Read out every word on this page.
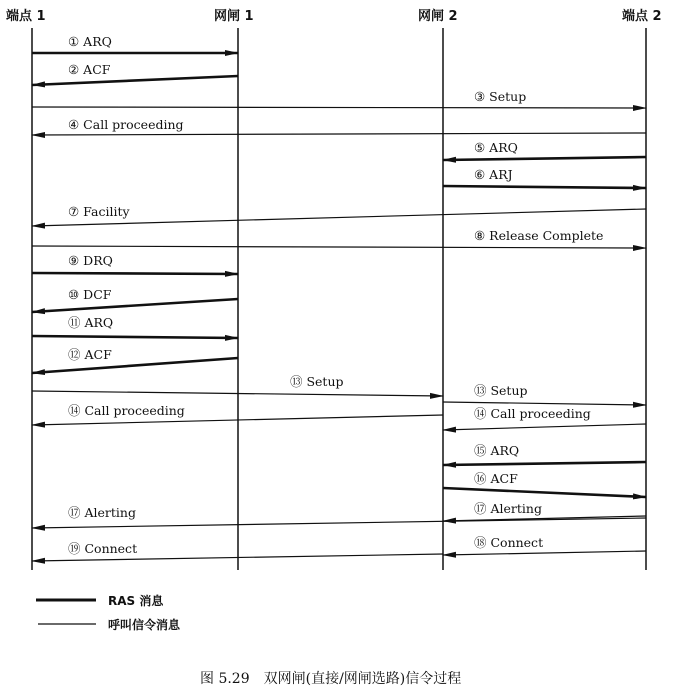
端点 1	网闸 1	网闸 2	端点 2
① ARQ
② ACF
③ Setup
④ Call proceeding
⑤ ARQ
⑥ ARJ
⑦ Facility
⑧ Release Complete
⑨ DRQ
⑩ DCF
⑪ ARQ
⑫ ACF
⑬ Setup
⑬ Setup
⑭ Call proceeding	⑭ Call proceeding
⑮ ARQ
⑯ ACF
⑰ Alerting	⑰ Alerting
⑱ Connect
⑲ Connect
RAS 消息
呼叫信令消息
图 5.29　双网闸(直接/网闸选路)信令过程
